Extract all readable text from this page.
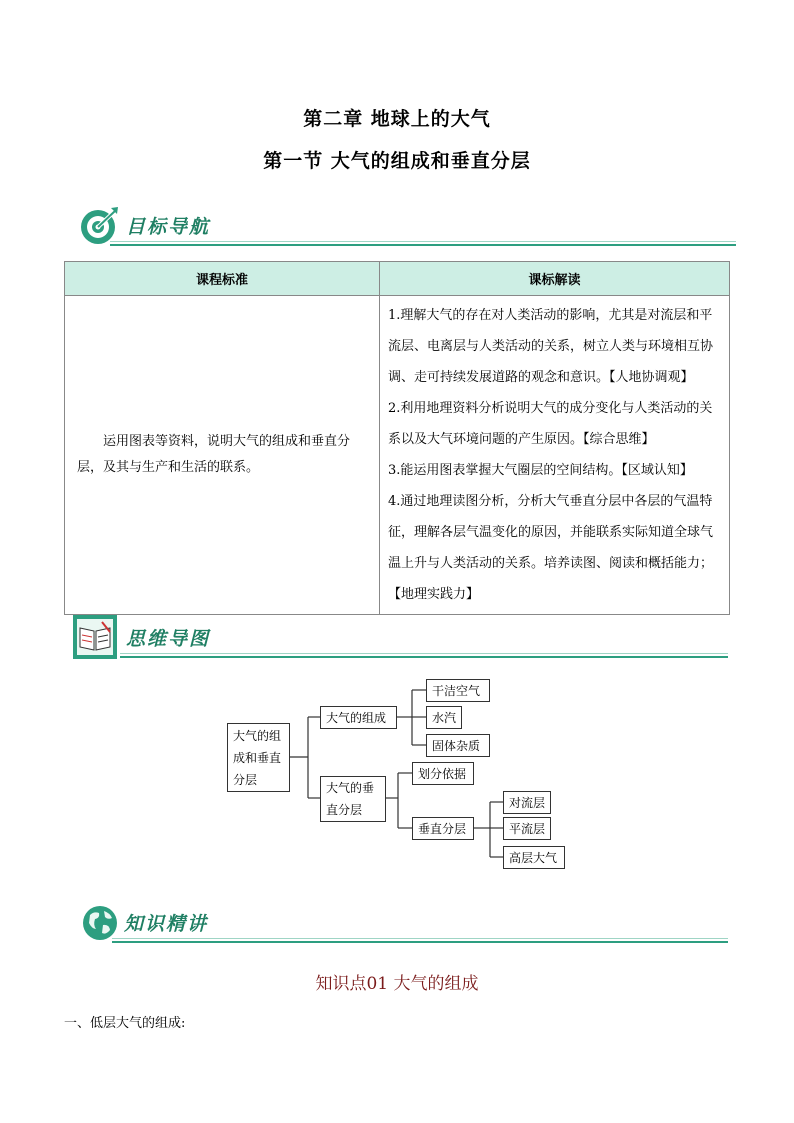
第二章 地球上的大气
第一节 大气的组成和垂直分层
目标导航
课程标准	课标解读
运用图表等资料，说明大气的组成和垂直分层，及其与生产和生活的联系。	1.理解大气的存在对人类活动的影响，尤其是对流层和平流层、电离层与人类活动的关系，树立人类与环境相互协调、走可持续发展道路的观念和意识。【人地协调观】
2.利用地理资料分析说明大气的成分变化与人类活动的关系以及大气环境问题的产生原因。【综合思维】
3.能运用图表掌握大气圈层的空间结构。【区域认知】
4.通过地理读图分析，分析大气垂直分层中各层的气温特征，理解各层气温变化的原因，并能联系实际知道全球气温上升与人类活动的关系。培养读图、阅读和概括能力；【地理实践力】
思维导图
大气的组成和垂直分层
大气的组成
干洁空气
水汽
固体杂质
大气的垂直分层
划分依据
垂直分层
对流层
平流层
高层大气
知识精讲
知识点01 大气的组成
一、低层大气的组成:
